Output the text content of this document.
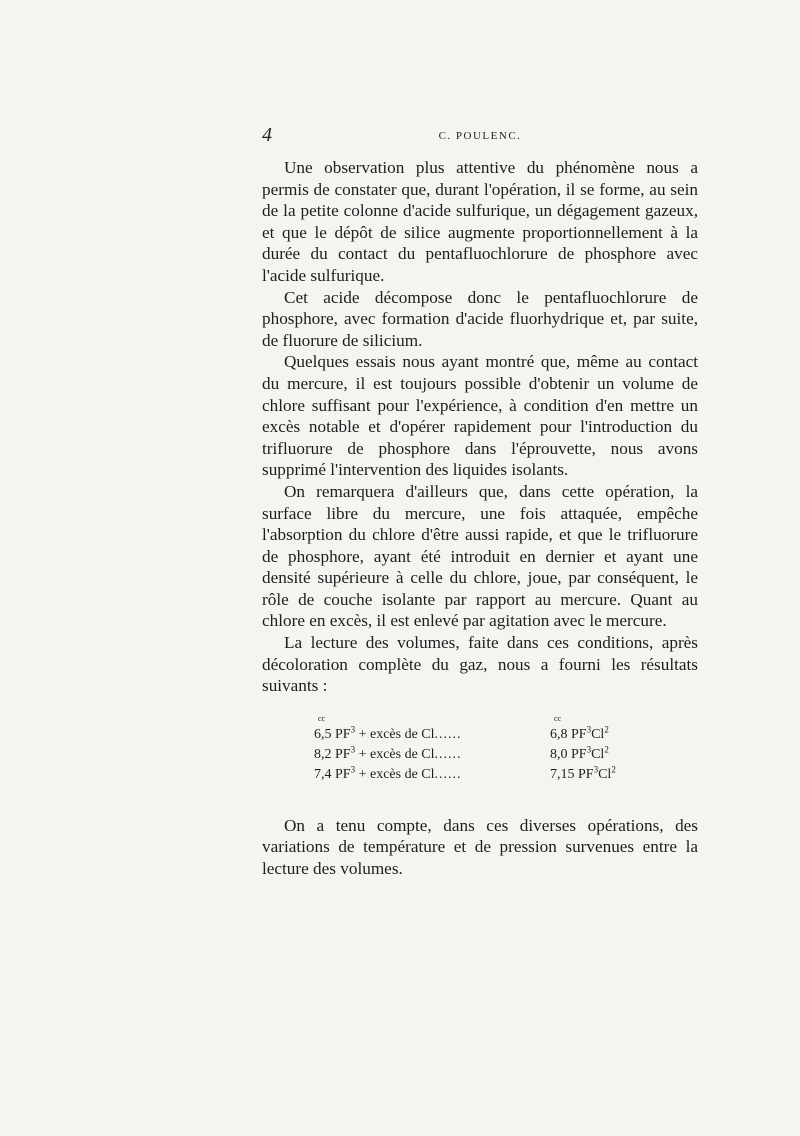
4	C. POULENC.

Une observation plus attentive du phénomène nous a permis de constater que, durant l'opération, il se forme, au sein de la petite colonne d'acide sulfurique, un dégagement gazeux, et que le dépôt de silice augmente proportionnellement à la durée du contact du pentafluochlorure de phosphore avec l'acide sulfurique.

Cet acide décompose donc le pentafluochlorure de phosphore, avec formation d'acide fluorhydrique et, par suite, de fluorure de silicium.

Quelques essais nous ayant montré que, même au contact du mercure, il est toujours possible d'obtenir un volume de chlore suffisant pour l'expérience, à condition d'en mettre un excès notable et d'opérer rapidement pour l'introduction du trifluorure de phosphore dans l'éprouvette, nous avons supprimé l'intervention des liquides isolants.

On remarquera d'ailleurs que, dans cette opération, la surface libre du mercure, une fois attaquée, empêche l'absorption du chlore d'être aussi rapide, et que le trifluorure de phosphore, ayant été introduit en dernier et ayant une densité supérieure à celle du chlore, joue, par conséquent, le rôle de couche isolante par rapport au mercure. Quant au chlore en excès, il est enlevé par agitation avec le mercure.

La lecture des volumes, faite dans ces conditions, après décoloration complète du gaz, nous a fourni les résultats suivants :

cc	cc
6,5 $PF^3$ + excès de Cl......	6,8 $PF^3Cl^2$
8,2 $PF^3$ + excès de Cl......	8,0 $PF^3Cl^2$
7,4 $PF^3$ + excès de Cl......	7,15 $PF^3Cl^2$

On a tenu compte, dans ces diverses opérations, des variations de température et de pression survenues entre la lecture des volumes.
